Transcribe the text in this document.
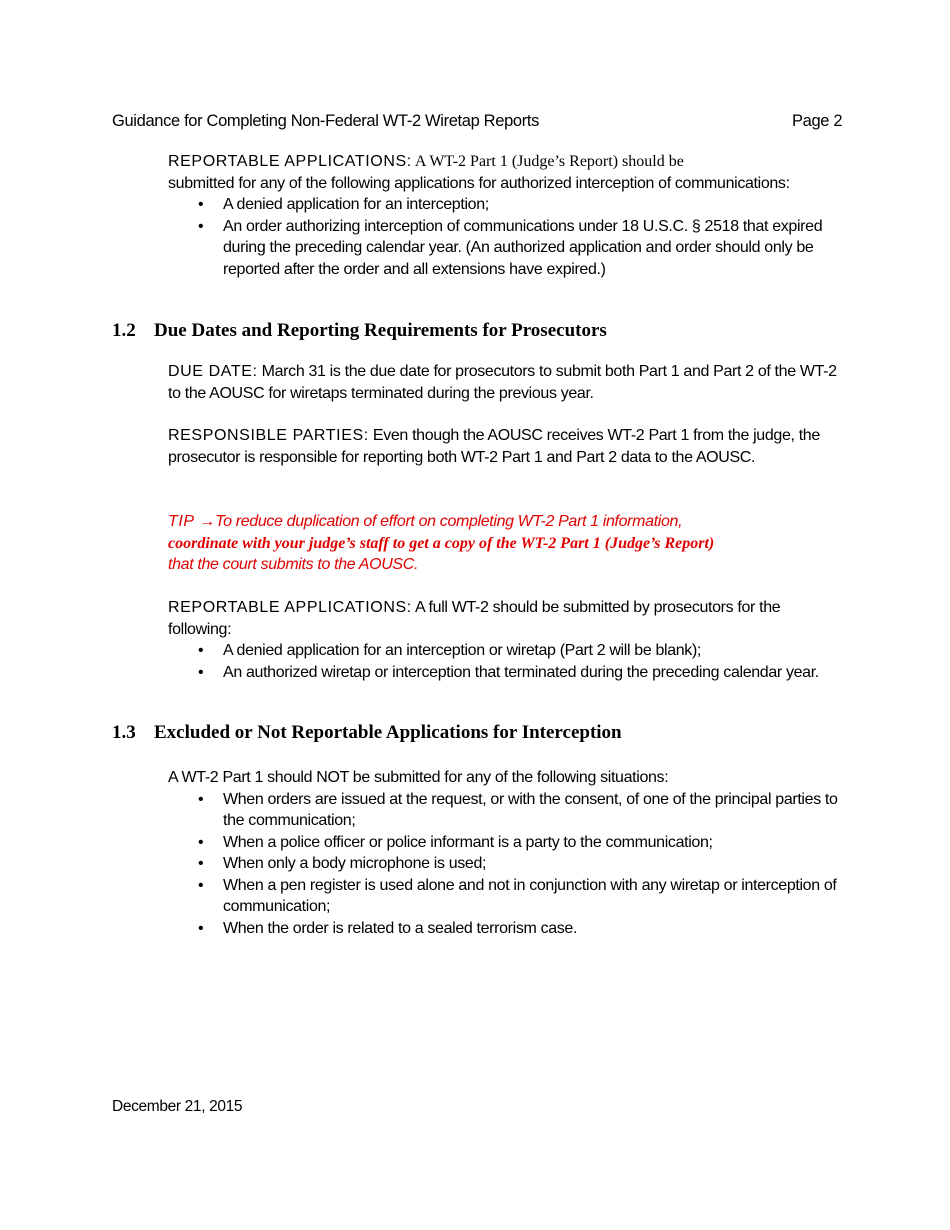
Guidance for Completing Non-Federal WT-2 Wiretap Reports	Page 2
REPORTABLE APPLICATIONS: A WT-2 Part 1 (Judge’s Report) should be
submitted for any of the following applications for authorized interception of communications:
• A denied application for an interception;
• An order authorizing interception of communications under 18 U.S.C. § 2518 that expired during the preceding calendar year. (An authorized application and order should only be reported after the order and all extensions have expired.)
1.2 Due Dates and Reporting Requirements for Prosecutors
DUE DATE: March 31 is the due date for prosecutors to submit both Part 1 and Part 2 of the WT-2 to the AOUSC for wiretaps terminated during the previous year.
RESPONSIBLE PARTIES: Even though the AOUSC receives WT-2 Part 1 from the judge, the prosecutor is responsible for reporting both WT-2 Part 1 and Part 2 data to the AOUSC.
TIP →To reduce duplication of effort on completing WT-2 Part 1 information,
coordinate with your judge’s staff to get a copy of the WT-2 Part 1 (Judge’s Report)
that the court submits to the AOUSC.
REPORTABLE APPLICATIONS: A full WT-2 should be submitted by prosecutors for the following:
• A denied application for an interception or wiretap (Part 2 will be blank);
• An authorized wiretap or interception that terminated during the preceding calendar year.
1.3 Excluded or Not Reportable Applications for Interception
A WT-2 Part 1 should NOT be submitted for any of the following situations:
• When orders are issued at the request, or with the consent, of one of the principal parties to the communication;
• When a police officer or police informant is a party to the communication;
• When only a body microphone is used;
• When a pen register is used alone and not in conjunction with any wiretap or interception of communication;
• When the order is related to a sealed terrorism case.
December 21, 2015
